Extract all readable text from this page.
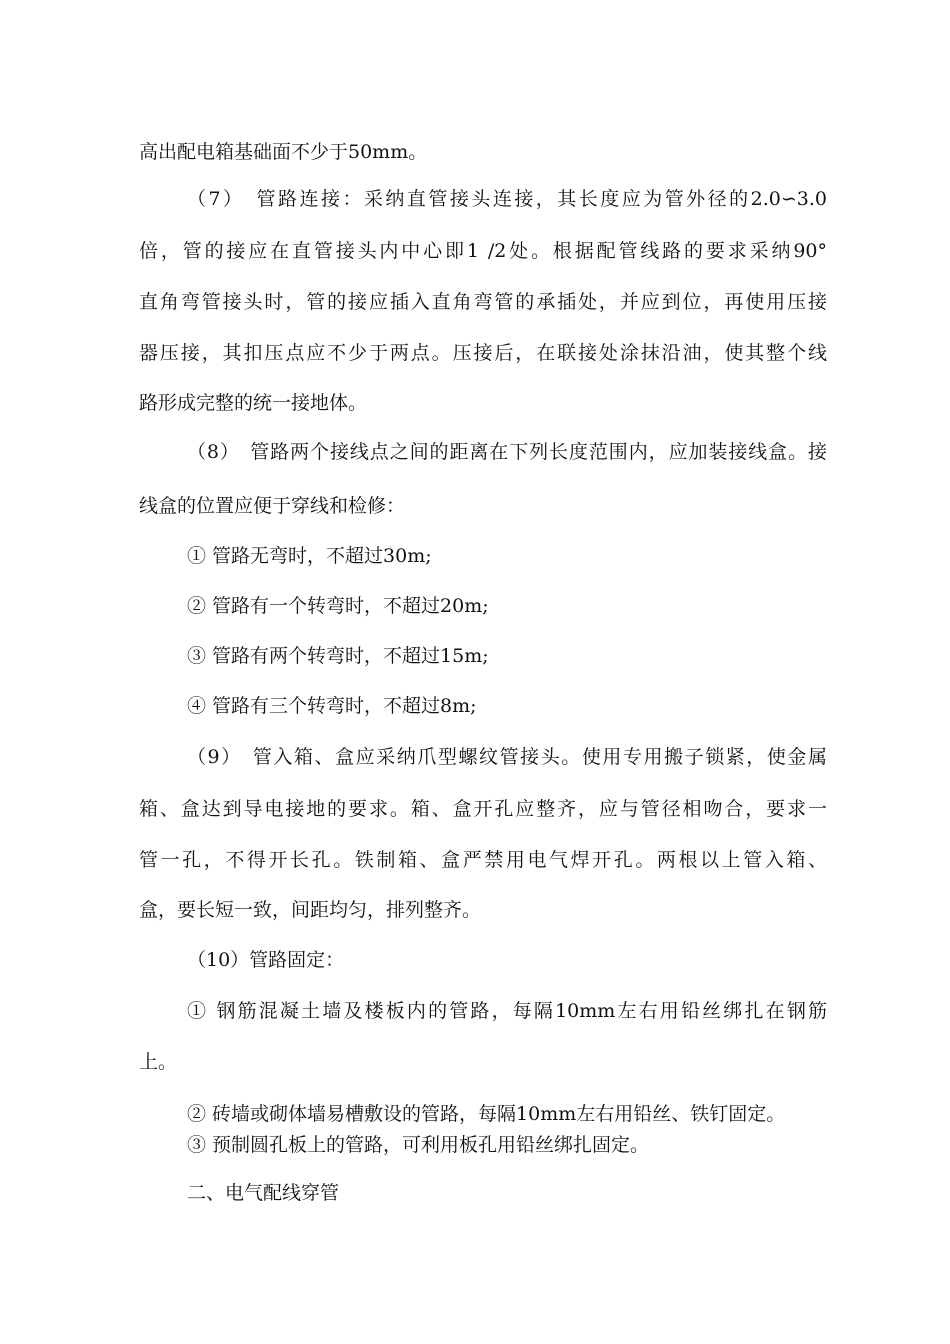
高出配电箱基础面不少于50mm。
（7）　管路连接：采纳直管接头连接，其长度应为管外径的2.0∽3.0
倍，管的接应在直管接头内中心即1 /2处。根据配管线路的要求采纳90°
直角弯管接头时，管的接应插入直角弯管的承插处，并应到位，再使用压接
器压接，其扣压点应不少于两点。压接后，在联接处涂抹沿油，使其整个线
路形成完整的统一接地体。
（8）　管路两个接线点之间的距离在下列长度范围内，应加装接线盒。接
线盒的位置应便于穿线和检修：
① 管路无弯时，不超过30m;
② 管路有一个转弯时，不超过20m;
③ 管路有两个转弯时，不超过15m;
④ 管路有三个转弯时，不超过8m;
（9）　管入箱、盒应采纳爪型螺纹管接头。使用专用搬子锁紧，使金属
箱、盒达到导电接地的要求。箱、盒开孔应整齐，应与管径相吻合，要求一
管一孔，不得开长孔。铁制箱、盒严禁用电气焊开孔。两根以上管入箱、
盒，要长短一致，间距均匀，排列整齐。
（10）管路固定：
① 钢筋混凝土墙及楼板内的管路，每隔10mm左右用铅丝绑扎在钢筋
上。
② 砖墙或砌体墙易槽敷设的管路，每隔10mm左右用铅丝、铁钉固定。
③ 预制圆孔板上的管路，可利用板孔用铅丝绑扎固定。
二、电气配线穿管
